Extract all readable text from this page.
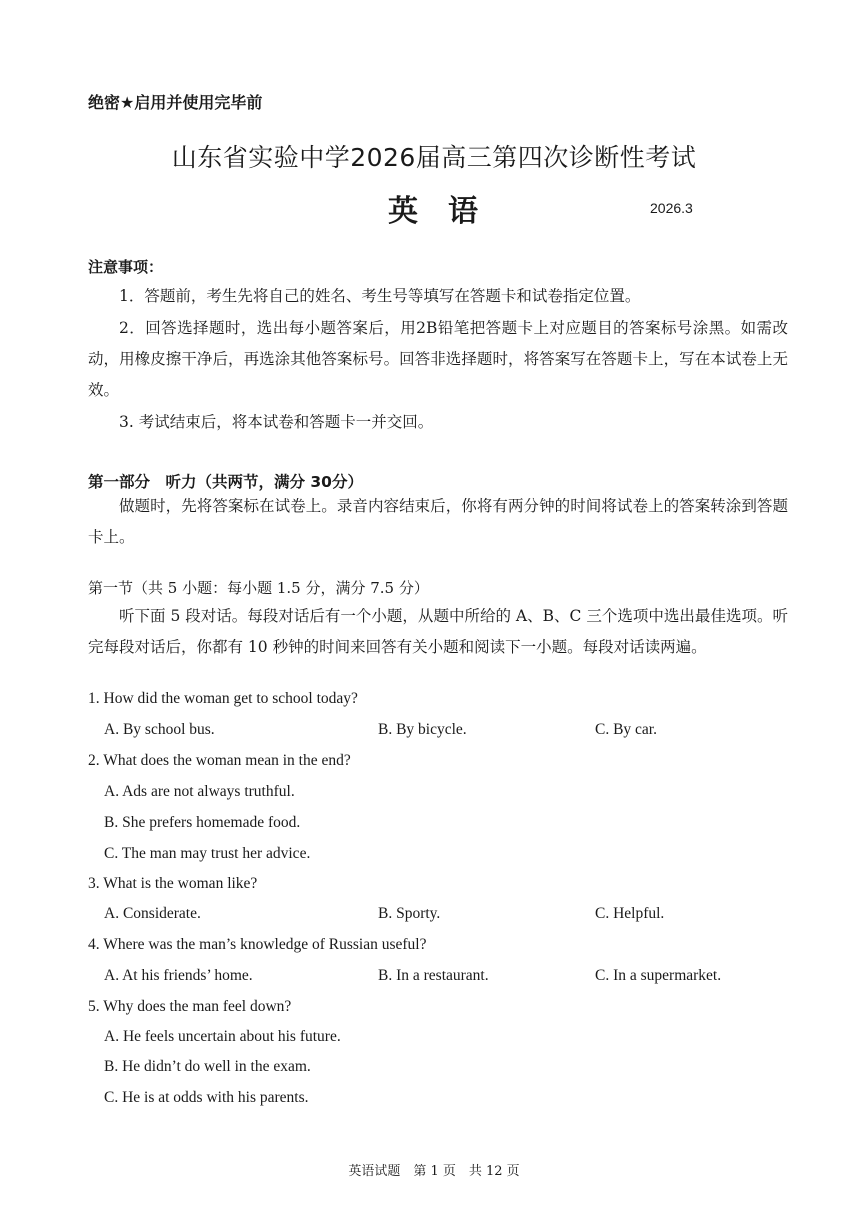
绝密★启用并使用完毕前
山东省实验中学2026届高三第四次诊断性考试
英语	2026.3
注意事项：
1．答题前，考生先将自己的姓名、考生号等填写在答题卡和试卷指定位置。
2．回答选择题时，选出每小题答案后，用2B铅笔把答题卡上对应题目的答案标号涂黑。如需改动，用橡皮擦干净后，再选涂其他答案标号。回答非选择题时，将答案写在答题卡上，写在本试卷上无效。
3. 考试结束后，将本试卷和答题卡一并交回。
第一部分　听力（共两节，满分 30分）
做题时，先将答案标在试卷上。录音内容结束后，你将有两分钟的时间将试卷上的答案转涂到答题卡上。
第一节（共 5 小题：每小题 1.5 分，满分 7.5 分）
听下面 5 段对话。每段对话后有一个小题，从题中所给的 A、B、C 三个选项中选出最佳选项。听完每段对话后，你都有 10 秒钟的时间来回答有关小题和阅读下一小题。每段对话读两遍。
1. How did the woman get to school today?
A. By school bus.	B. By bicycle.	C. By car.
2. What does the woman mean in the end?
A. Ads are not always truthful.
B. She prefers homemade food.
C. The man may trust her advice.
3. What is the woman like?
A. Considerate.	B. Sporty.	C. Helpful.
4. Where was the man’s knowledge of Russian useful?
A. At his friends’ home.	B. In a restaurant.	C. In a supermarket.
5. Why does the man feel down?
A. He feels uncertain about his future.
B. He didn’t do well in the exam.
C. He is at odds with his parents.
英语试题　第 1 页　共 12 页
